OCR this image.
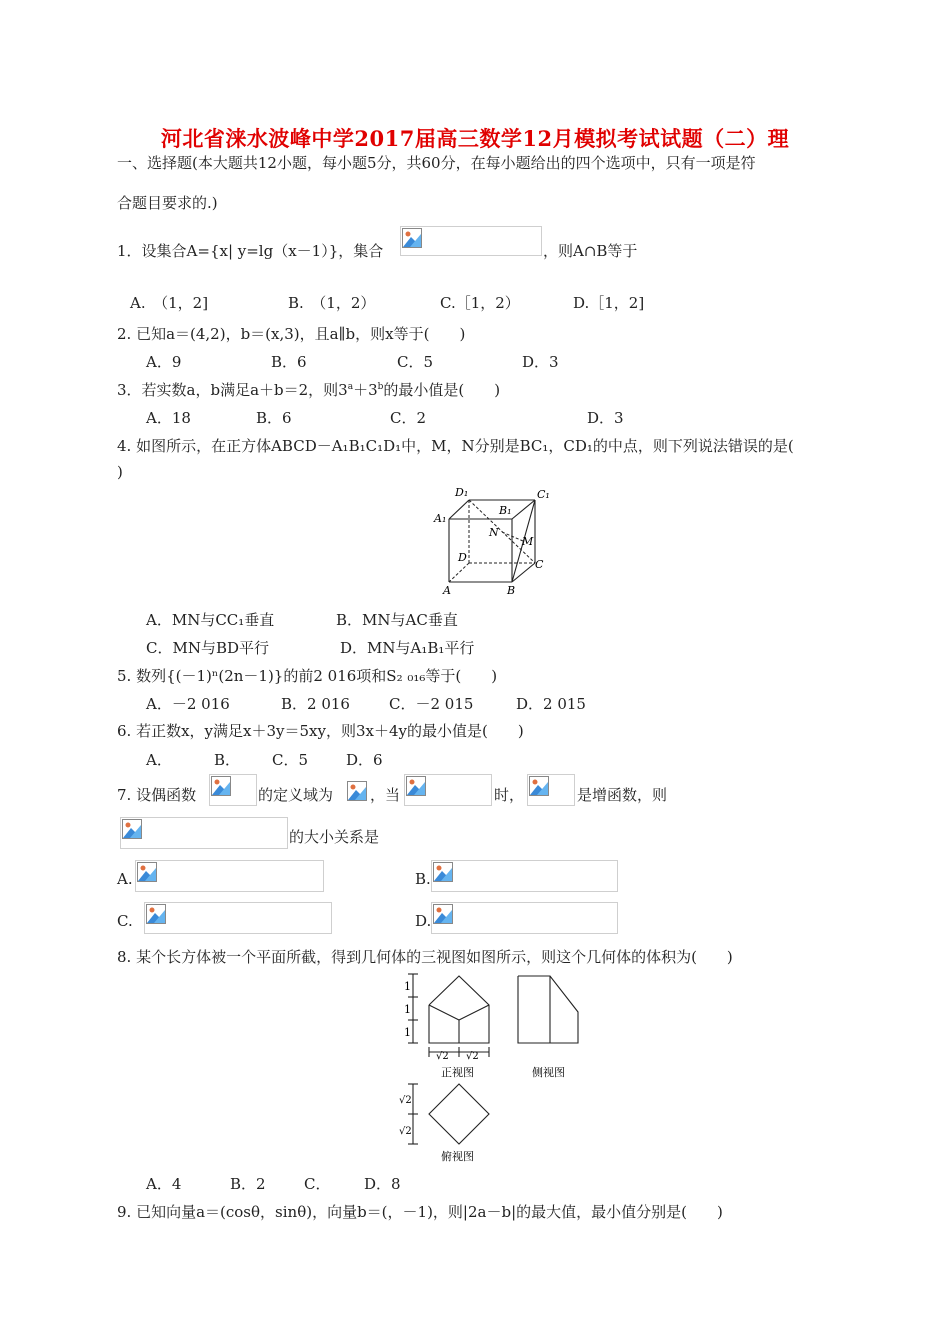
河北省涞水波峰中学2017届高三数学12月模拟考试试题（二）理
一、选择题(本大题共12小题，每小题5分，共60分，在每小题给出的四个选项中，只有一项是符
合题目要求的.)
1．设集合A={x| y=lg（x－1）}，集合	，则A∩B等于
A.　（1，2]	B.　（1，2）	C.［1，2）	D.［1，2]
2. 已知a＝(4,2)，b＝(x,3)，且a∥b，则x等于(　　)
A．9	B．6	C．5	D．3
3．若实数a，b满足a＋b＝2，则$3^a+3^b$的最小值是(　　)
A．18	B．6	C．2	D．3
4. 如图所示，在正方体ABCD－A₁B₁C₁D₁中，M，N分别是BC₁，CD₁的中点，则下列说法错误的是(
)
D₁
B₁
C₁
A₁
N
M
D
C
A	B
A．MN与CC₁垂直	B．MN与AC垂直
C．MN与BD平行	D．MN与A₁B₁平行
5. 数列{(－1)ⁿ(2n－1)}的前2 016项和S₂ ₀₁₆等于(　　)
A．－2 016	B．2 016	C．－2 015	D．2 015
6. 若正数x，y满足x＋3y＝5xy，则3x＋4y的最小值是(　　)
A．	B． C．5	D．6
7. 设偶函数	的定义域为 ，当	时，	是增函数，则
的大小关系是
A.	B.
C.	D.
8. 某个长方体被一个平面所截，得到几何体的三视图如图所示，则这个几何体的体积为(　　)
1
1
1
√2 √2
√2
√2
正视图	侧视图
俯视图
A．4	B．2	C． D．8
9. 已知向量a＝(cosθ，sinθ)，向量b＝(，－1)，则|2a－b|的最大值，最小值分别是(　　)
